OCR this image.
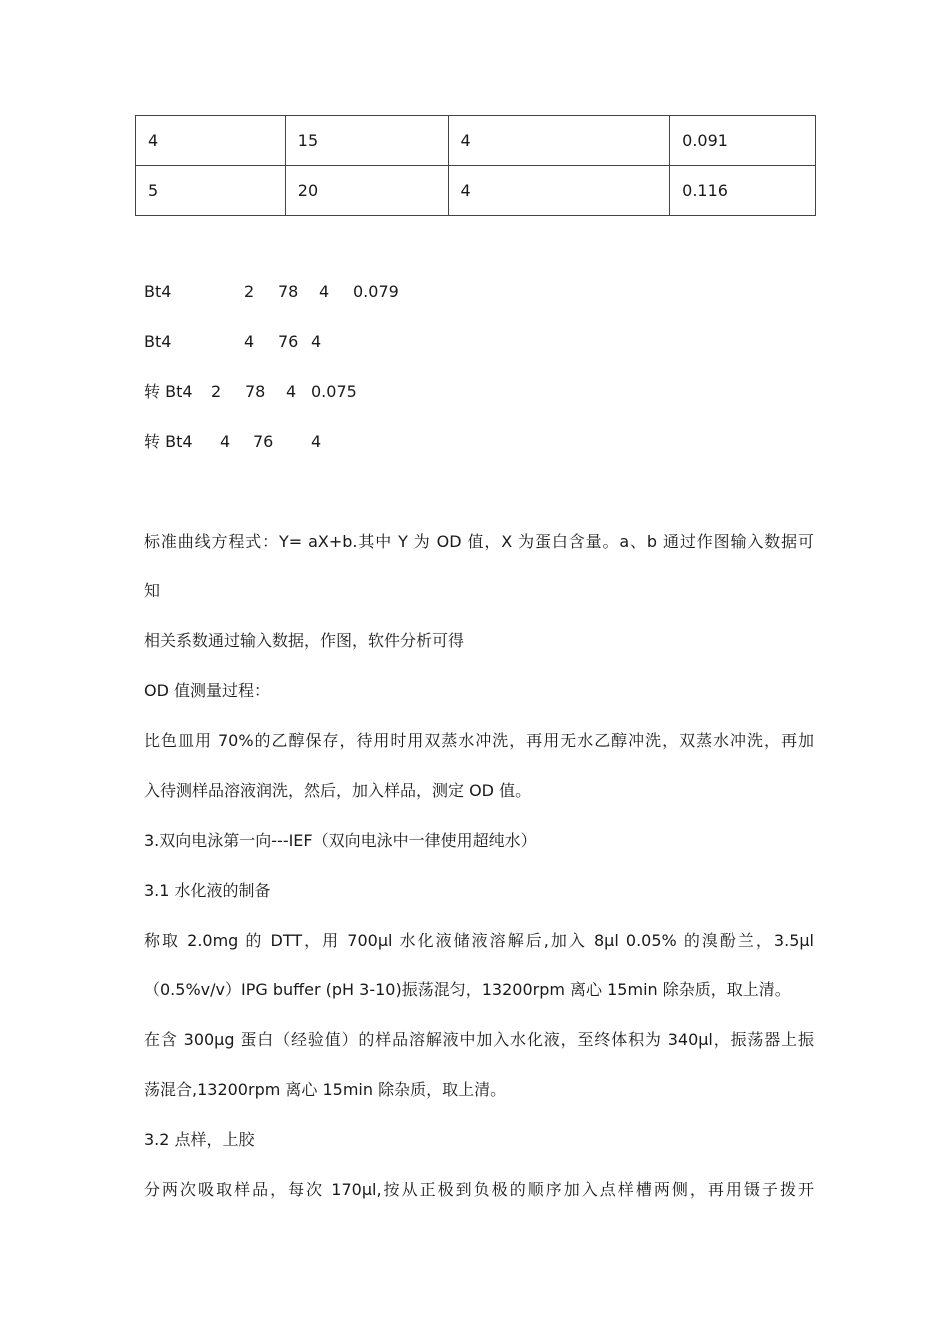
4	15	4	0.091
5	20	4	0.116
Bt4	2 78 4 0.079
Bt4	4 76 4
转 Bt4 2 78 4 0.075
转 Bt4 4 76 4
标准曲线方程式：Y= aX+b.其中 Y 为 OD 值，X 为蛋白含量。a、b 通过作图输入数据可
知
相关系数通过输入数据，作图，软件分析可得
OD 值测量过程：
比色皿用 70%的乙醇保存，待用时用双蒸水冲洗，再用无水乙醇冲洗，双蒸水冲洗，再加
入待测样品溶液润洗，然后，加入样品，测定 OD 值。
3.双向电泳第一向---IEF（双向电泳中一律使用超纯水）
3.1 水化液的制备
称取 2.0mg 的 DTT，用 700μl 水化液储液溶解后,加入 8μl 0.05% 的溴酚兰，3.5μl
（0.5%v/v）IPG buffer (pH 3-10)振荡混匀，13200rpm 离心 15min 除杂质，取上清。
在含 300μg 蛋白（经验值）的样品溶解液中加入水化液，至终体积为 340μl，振荡器上振
荡混合,13200rpm 离心 15min 除杂质，取上清。
3.2 点样，上胶
分两次吸取样品，每次 170μl,按从正极到负极的顺序加入点样槽两侧，再用镊子拨开
